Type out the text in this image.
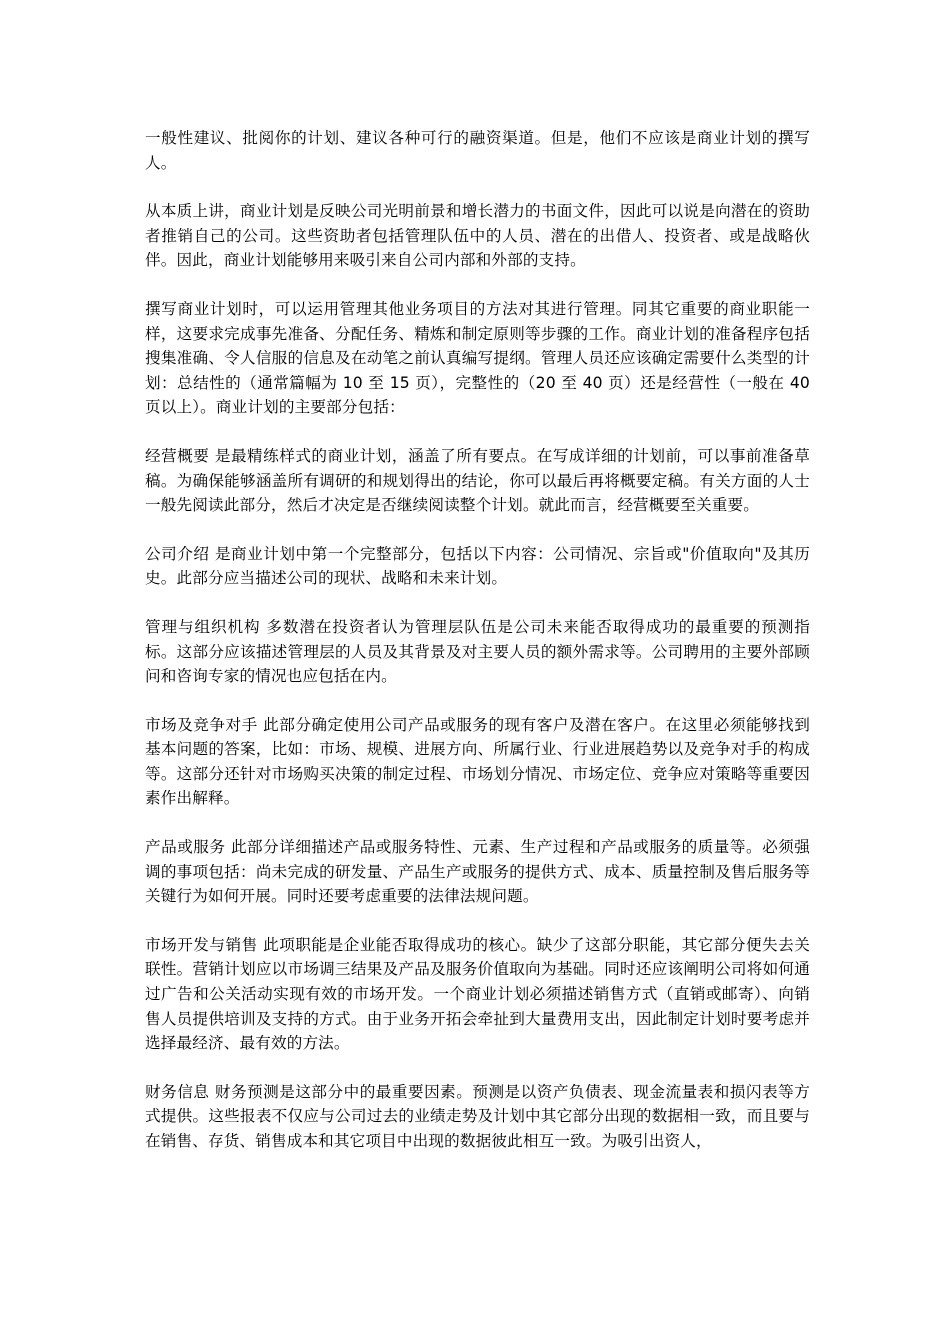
一般性建议、批阅你的计划、建议各种可行的融资渠道。但是，他们不应该是商业计划的撰写人。

从本质上讲，商业计划是反映公司光明前景和增长潜力的书面文件，因此可以说是向潜在的资助者推销自己的公司。这些资助者包括管理队伍中的人员、潜在的出借人、投资者、或是战略伙伴。因此，商业计划能够用来吸引来自公司内部和外部的支持。

撰写商业计划时，可以运用管理其他业务项目的方法对其进行管理。同其它重要的商业职能一样，这要求完成事先准备、分配任务、精炼和制定原则等步骤的工作。商业计划的准备程序包括搜集准确、令人信服的信息及在动笔之前认真编写提纲。管理人员还应该确定需要什么类型的计划：总结性的（通常篇幅为 10 至 15 页），完整性的（20 至 40 页）还是经营性（一般在 40 页以上）。商业计划的主要部分包括：

经营概要 是最精练样式的商业计划，涵盖了所有要点。在写成详细的计划前，可以事前准备草稿。为确保能够涵盖所有调研的和规划得出的结论，你可以最后再将概要定稿。有关方面的人士一般先阅读此部分，然后才决定是否继续阅读整个计划。就此而言，经营概要至关重要。

公司介绍 是商业计划中第一个完整部分，包括以下内容：公司情况、宗旨或"价值取向"及其历史。此部分应当描述公司的现状、战略和未来计划。

管理与组织机构 多数潜在投资者认为管理层队伍是公司未来能否取得成功的最重要的预测指标。这部分应该描述管理层的人员及其背景及对主要人员的额外需求等。公司聘用的主要外部顾问和咨询专家的情况也应包括在内。

市场及竞争对手 此部分确定使用公司产品或服务的现有客户及潜在客户。在这里必须能够找到基本问题的答案，比如：市场、规模、进展方向、所属行业、行业进展趋势以及竞争对手的构成等。这部分还针对市场购买决策的制定过程、市场划分情况、市场定位、竞争应对策略等重要因素作出解释。

产品或服务 此部分详细描述产品或服务特性、元素、生产过程和产品或服务的质量等。必须强调的事项包括：尚未完成的研发量、产品生产或服务的提供方式、成本、质量控制及售后服务等关键行为如何开展。同时还要考虑重要的法律法规问题。

市场开发与销售 此项职能是企业能否取得成功的核心。缺少了这部分职能，其它部分便失去关联性。营销计划应以市场调三结果及产品及服务价值取向为基础。同时还应该阐明公司将如何通过广告和公关活动实现有效的市场开发。一个商业计划必须描述销售方式（直销或邮寄）、向销售人员提供培训及支持的方式。由于业务开拓会牵扯到大量费用支出，因此制定计划时要考虑并选择最经济、最有效的方法。

财务信息 财务预测是这部分中的最重要因素。预测是以资产负债表、现金流量表和损闪表等方式提供。这些报表不仅应与公司过去的业绩走势及计划中其它部分出现的数据相一致，而且要与在销售、存货、销售成本和其它项目中出现的数据彼此相互一致。为吸引出资人，
